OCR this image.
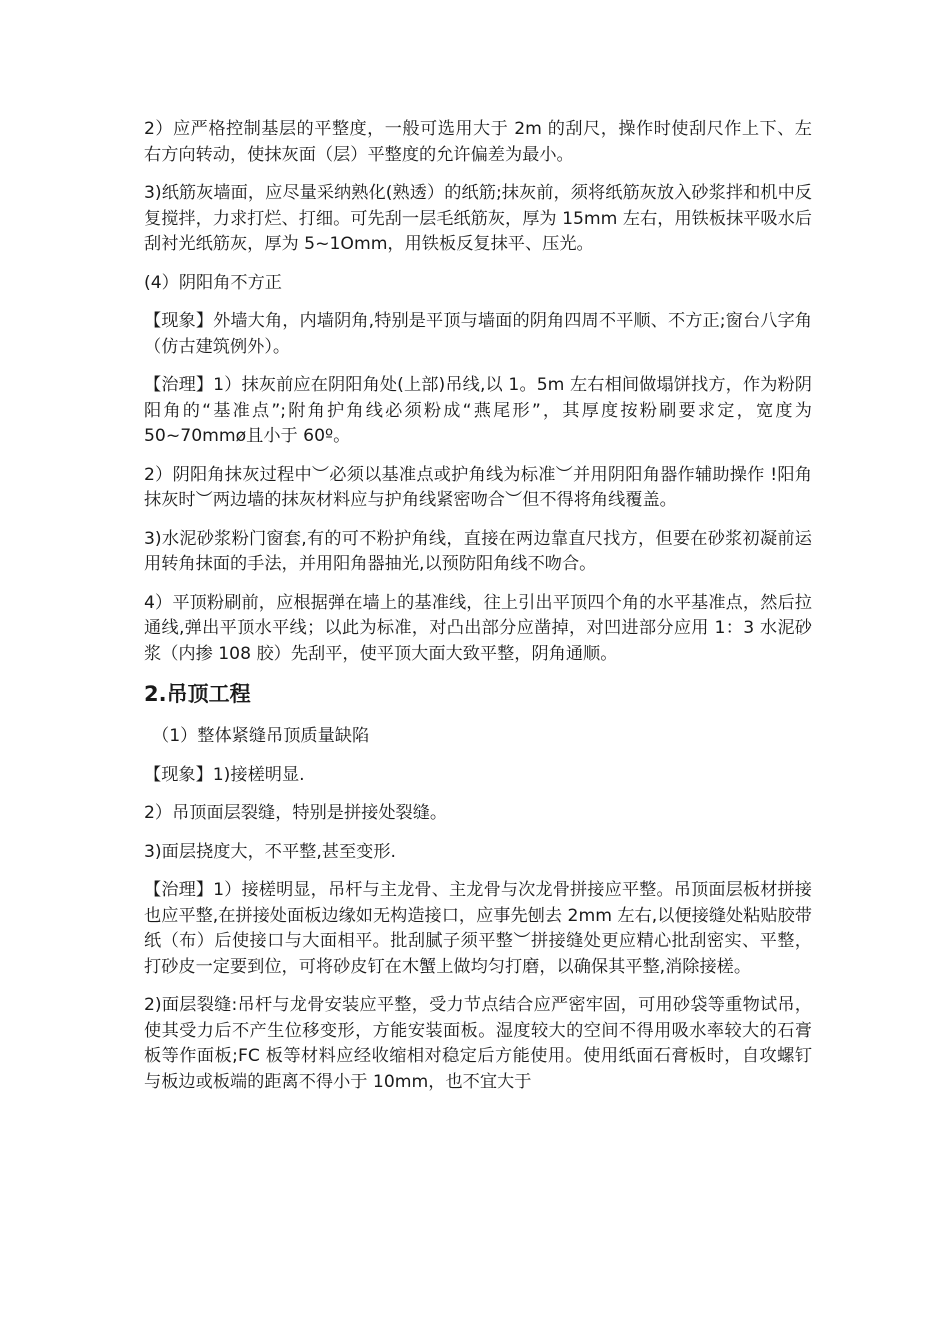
2）应严格控制基层的平整度，一般可选用大于 2m 的刮尺，操作时使刮尺作上下、左右方向转动，使抹灰面（层）平整度的允许偏差为最小。

3)纸筋灰墙面，应尽量采纳熟化(熟透）的纸筋;抹灰前，须将纸筋灰放入砂浆拌和机中反复搅拌，力求打烂、打细。可先刮一层毛纸筋灰，厚为 15mm 左右，用铁板抹平吸水后刮衬光纸筋灰，厚为 5~1Omm，用铁板反复抹平、压光。

(4）阴阳角不方正

【现象】外墙大角，内墙阴角,特别是平顶与墙面的阴角四周不平顺、不方正;窗台八字角（仿古建筑例外）。

【治理】1）抹灰前应在阴阳角处(上部)吊线,以 1。5m 左右相间做塌饼找方，作为粉阴阳角的“基准点”;附角护角线必须粉成“燕尾形”，其厚度按粉刷要求定，宽度为 50~70mmø且小于 60º。

2）阴阳角抹灰过程中︶必须以基准点或护角线为标准︶并用阴阳角器作辅助操作 !阳角抹灰时︶两边墙的抹灰材料应与护角线紧密吻合︶但不得将角线覆盖。

3)水泥砂浆粉门窗套,有的可不粉护角线，直接在两边靠直尺找方，但要在砂浆初凝前运用转角抹面的手法，并用阳角器抽光,以预防阳角线不吻合。

4）平顶粉刷前，应根据弹在墙上的基准线，往上引出平顶四个角的水平基准点，然后拉通线,弹出平顶水平线；以此为标准，对凸出部分应凿掉，对凹进部分应用 1：3 水泥砂浆（内掺 108 胶）先刮平，使平顶大面大致平整，阴角通顺。

2.吊顶工程

（1）整体紧缝吊顶质量缺陷

【现象】1)接槎明显.

2）吊顶面层裂缝，特别是拼接处裂缝。

3)面层挠度大，不平整,甚至变形.

【治理】1）接槎明显，吊杆与主龙骨、主龙骨与次龙骨拼接应平整。吊顶面层板材拼接也应平整,在拼接处面板边缘如无构造接口，应事先刨去 2mm 左右,以便接缝处粘贴胶带纸（布）后使接口与大面相平。批刮腻子须平整︶拼接缝处更应精心批刮密实、平整，打砂皮一定要到位，可将砂皮钉在木蟹上做均匀打磨，以确保其平整,消除接槎。

2)面层裂缝:吊杆与龙骨安装应平整，受力节点结合应严密牢固，可用砂袋等重物试吊，使其受力后不产生位移变形，方能安装面板。湿度较大的空间不得用吸水率较大的石膏板等作面板;FC 板等材料应经收缩相对稳定后方能使用。使用纸面石膏板时，自攻螺钉与板边或板端的距离不得小于 10mm，也不宜大于
